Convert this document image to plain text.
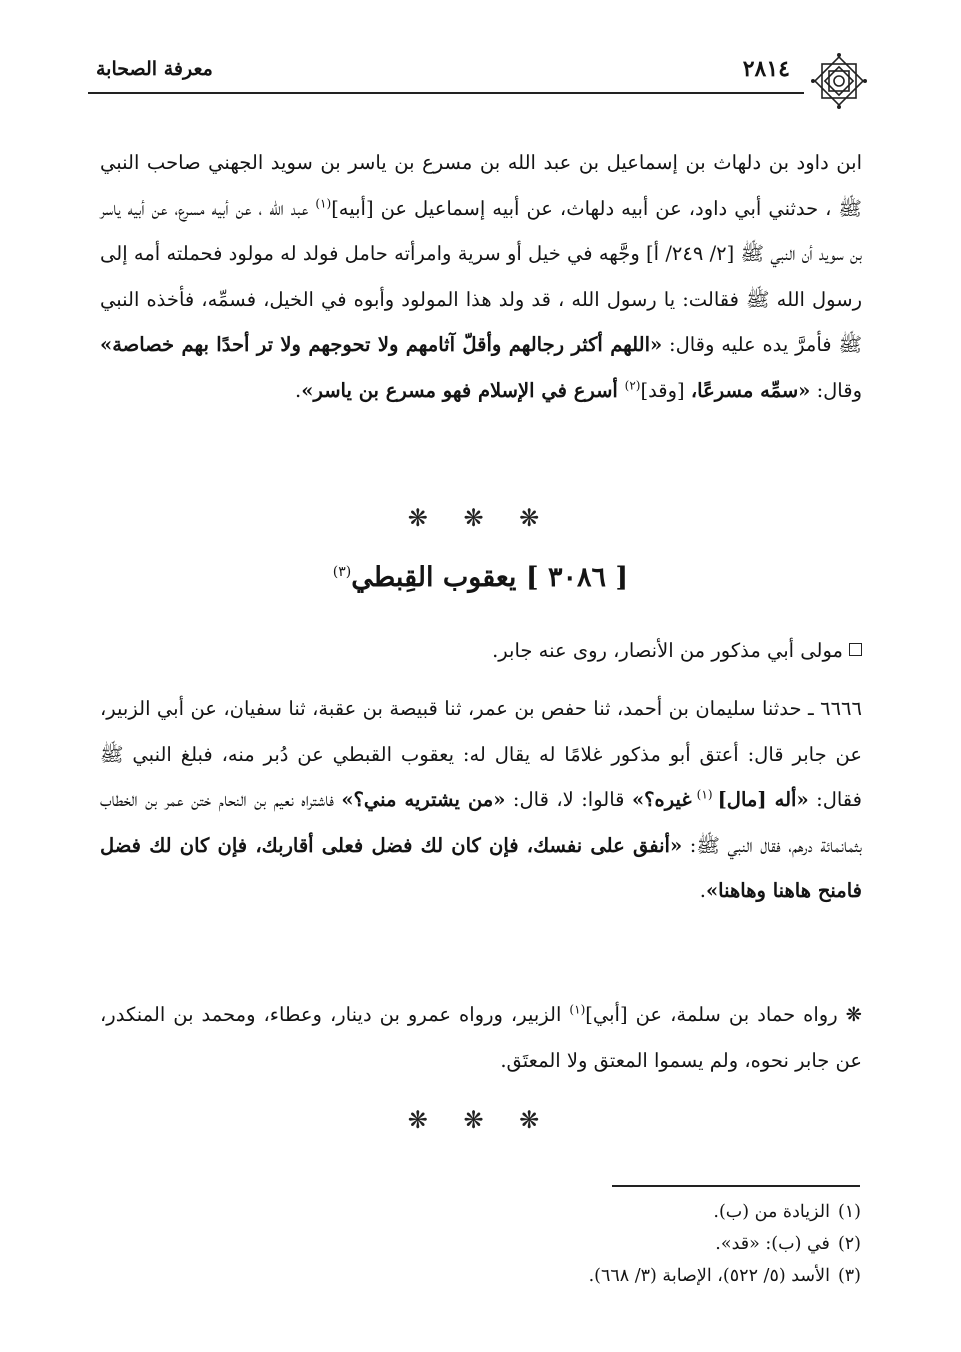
معرفة الصحابة	٢٨١٤
ابن داود بن دلهاث بن إسماعيل بن عبد الله بن مسرع بن ياسر بن سويد الجهني صاحب النبي ﷺ ، حدثني أبي داود، عن أبيه دلهاث، عن أبيه إسماعيل عن [أبيه]$^{(١)}$ عبد الله ، عن أبيه مسرع، عن أبيه ياسر بن سويد أن النبي ﷺ [٢/ ٢٤٩/ أ] وجَّهه في خيل أو سرية وامرأته حامل فولد له مولود فحملته أمه إلى رسول الله ﷺ فقالت: يا رسول الله ، قد ولد هذا المولود وأبوه في الخيل، فسمِّه، فأخذه النبي ﷺ فأمرَّ يده عليه وقال: «اللهم أكثر رجالهم وأقلّ آثامهم ولا تحوجهم ولا تر أحدًا بهم خصاصة» وقال: «سمِّه مسرعًا، [وقد]$^{(٢)}$ أسرع في الإسلام فهو مسرع بن ياسر».
❋ ❋ ❋
[ ٣٠٨٦ ] يعقوب القِبطي$^{(٣)}$
مولى أبي مذكور من الأنصار، روى عنه جابر.
٦٦٦٦ ـ حدثنا سليمان بن أحمد، ثنا حفص بن عمر، ثنا قبيصة بن عقبة، ثنا سفيان، عن أبي الزبير، عن جابر قال: أعتق أبو مذكور غلامًا له يقال له: يعقوب القبطي عن دُبر منه، فبلغ النبي ﷺ فقال: «أله [مال] $^{(١)}$ غيره؟» قالوا: لا، قال: «من يشتريه مني؟» فاشتراه نعيم بن النحام ختن عمر بن الخطاب بثمانمائة درهم، فقال النبي ﷺ: «أنفق على نفسك، فإن كان لك فضل فعلى أقاربك، فإن كان لك فضل فامنح هاهنا وهاهنا».
❋ رواه حماد بن سلمة، عن [أبي]$^{(١)}$ الزبير، ورواه عمرو بن دينار، وعطاء، ومحمد بن المنكدر، عن جابر نحوه، ولم يسموا المعتق ولا المعتَق.
❋ ❋ ❋
(١)الزيادة من (ب).
(٢)في (ب): «قد».
(٣)الأسد (٥/ ٥٢٢)، الإصابة (٣/ ٦٦٨).
